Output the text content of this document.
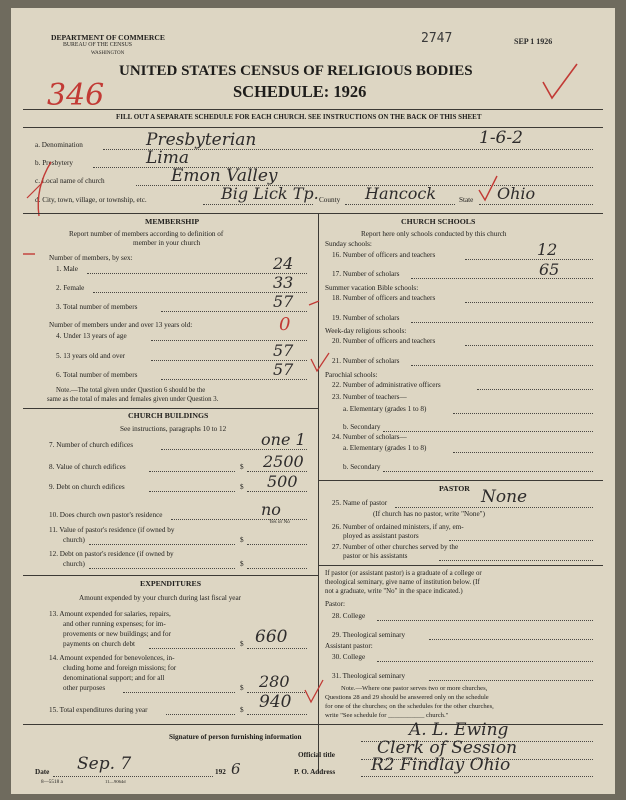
DEPARTMENT OF COMMERCE
BUREAU OF THE CENSUS
WASHINGTON
2747	SEP 1 1926
346
UNITED STATES CENSUS OF RELIGIOUS BODIES
SCHEDULE: 1926
FILL OUT A SEPARATE SCHEDULE FOR EACH CHURCH. SEE INSTRUCTIONS ON THE BACK OF THIS SHEET
a. Denomination	Presbyterian	1-6-2
b. Presbytery	Lima
c. Local name of church	Emon Valley
d. City, town, village, or township, etc.	Big Lick Tp. County Hancock	State Ohio
MEMBERSHIP
Report number of members according to definition of
member in your church
Number of members, by sex:
1. Male	24
2. Female	33
3. Total number of members	57
Number of members under and over 13 years old:
4. Under 13 years of age
0
5. 13 years old and over	57
6. Total number of members	57
Note.—The total given under Question 6 should be the
same as the total of males and females given under Question 3.
CHURCH BUILDINGS
See instructions, paragraphs 10 to 12
7. Number of church edifices	one 1
8. Value of church edifices	$ 2500
9. Debt on church edifices	$ 500
10. Does church own pastor's residence	no
Yes or No
11. Value of pastor's residence (if owned by
church)	$
12. Debt on pastor's residence (if owned by
church)	$
EXPENDITURES
Amount expended by your church during last fiscal year
13. Amount expended for salaries, repairs,
and other running expenses; for im-
provements or new buildings; and for
payments on church debt	$ 660
14. Amount expended for benevolences, in-
cluding home and foreign missions; for
denominational support; and for all
other purposes	$ 280
15. Total expenditures during year	$ 940
CHURCH SCHOOLS
Report here only schools conducted by this church
Sunday schools:
16. Number of officers and teachers	12
17. Number of scholars	65
Summer vacation Bible schools:
18. Number of officers and teachers
19. Number of scholars
Week-day religious schools:
20. Number of officers and teachers
21. Number of scholars
Parochial schools:
22. Number of administrative officers
23. Number of teachers—
a. Elementary (grades 1 to 8)
b. Secondary
24. Number of scholars—
a. Elementary (grades 1 to 8)
b. Secondary
PASTOR
25. Name of pastor	None
(If church has no pastor, write "None")
26. Number of ordained ministers, if any, em-
ployed as assistant pastors
27. Number of other churches served by the
pastor or his assistants
If pastor (or assistant pastor) is a graduate of a college or
theological seminary, give name of institution below. (If
not a graduate, write "No" in the space indicated.)
Pastor:
28. College
29. Theological seminary
Assistant pastor:
30. College
31. Theological seminary
Note.—Where one pastor serves two or more churches,
Questions 28 and 29 should be answered only on the schedule
for one of the churches; on the schedules for the other churches,
write "See schedule for ___________ church."
Signature of person furnishing information	A. L. Ewing
Official title Clerk of Session
Date Sep. 7	192 6	P. O. Address R2 Findlay Ohio
8—5518 a	11—9064d
